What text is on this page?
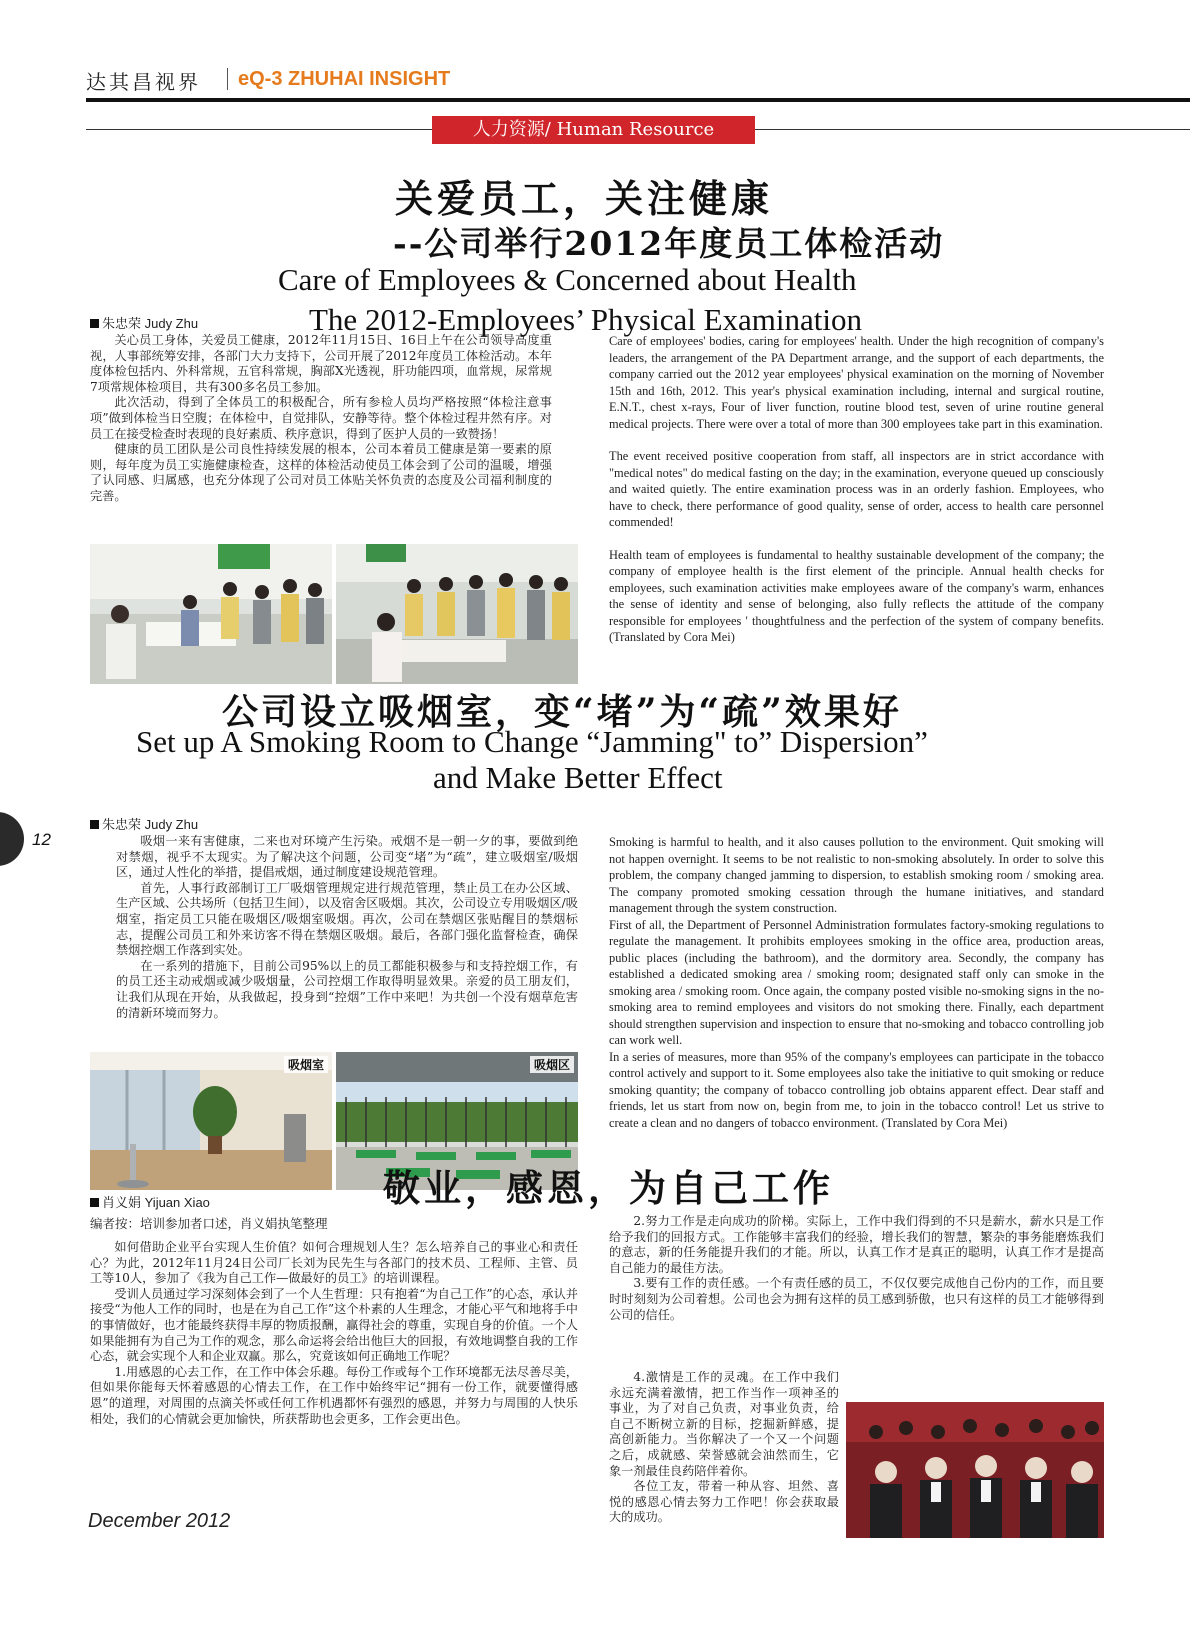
达其昌视界 eQ-3 ZHUHAI INSIGHT
人力资源/ Human Resource
关爱员工，关注健康
--公司举行2012年度员工体检活动
Care of Employees & Concerned about Health
The 2012-Employees’ Physical Examination
朱忠荣 Judy Zhu

关心员工身体，关爱员工健康，2012年11月15日、16日上午在公司领导高度重视，人事部统筹安排，各部门大力支持下，公司开展了2012年度员工体检活动。本年度体检包括内、外科常规，五官科常规，胸部X光透视，肝功能四项，血常规，尿常规7项常规体检项目，共有300多名员工参加。

此次活动，得到了全体员工的积极配合，所有参检人员均严格按照“体检注意事项”做到体检当日空腹；在体检中，自觉排队，安静等待。整个体检过程井然有序。对员工在接受检查时表现的良好素质、秩序意识，得到了医护人员的一致赞扬！

健康的员工团队是公司良性持续发展的根本，公司本着员工健康是第一要素的原则，每年度为员工实施健康检查，这样的体检活动使员工体会到了公司的温暖，增强了认同感、归属感，也充分体现了公司对员工体贴关怀负责的态度及公司福利制度的完善。

Care of employees' bodies, caring for employees' health. Under the high recognition of company's leaders, the arrangement of the PA Department arrange, and the support of each departments, the company carried out the 2012 year employees' physical examination on the morning of November 15th and 16th, 2012. This year's physical examination including, internal and surgical routine, E.N.T., chest x-rays, Four of liver function, routine blood test, seven of urine routine general medical projects. There were over a total of more than 300 employees take part in this examination.

The event received positive cooperation from staff, all inspectors are in strict accordance with "medical notes" do medical fasting on the day; in the examination, everyone queued up consciously and waited quietly. The entire examination process was in an orderly fashion. Employees, who have to check, there performance of good quality, sense of order, access to health care personnel commended!

Health team of employees is fundamental to healthy sustainable development of the company; the company of employee health is the first element of the principle. Annual health checks for employees, such examination activities make employees aware of the company's warm, enhances the sense of identity and sense of belonging, also fully reflects the attitude of the company responsible for employees ' thoughtfulness and the perfection of the system of company benefits.(Translated by Cora Mei)

公司设立吸烟室，变“堵”为“疏”效果好
Set up A Smoking Room to Change “Jamming" to” Dispersion”
and Make Better Effect
朱忠荣 Judy Zhu

吸烟一来有害健康，二来也对环境产生污染。戒烟不是一朝一夕的事，要做到绝对禁烟，视乎不太现实。为了解决这个问题，公司变“堵”为“疏”，建立吸烟室/吸烟区，通过人性化的举措，提倡戒烟，通过制度建设规范管理。

首先，人事行政部制订工厂吸烟管理规定进行规范管理，禁止员工在办公区域、生产区域、公共场所（包括卫生间），以及宿舍区吸烟。其次，公司设立专用吸烟区/吸烟室，指定员工只能在吸烟区/吸烟室吸烟。再次，公司在禁烟区张贴醒目的禁烟标志，提醒公司员工和外来访客不得在禁烟区吸烟。最后，各部门强化监督检查，确保禁烟控烟工作落到实处。

在一系列的措施下，目前公司95%以上的员工都能积极参与和支持控烟工作，有的员工还主动戒烟或减少吸烟量，公司控烟工作取得明显效果。亲爱的员工朋友们，让我们从现在开始，从我做起，投身到“控烟”工作中来吧！为共创一个没有烟草危害的清新环境而努力。

Smoking is harmful to health, and it also causes pollution to the environment. Quit smoking will not happen overnight. It seems to be not realistic to non-smoking absolutely. In order to solve this problem, the company changed jamming to dispersion, to establish smoking room / smoking area. The company promoted smoking cessation through the humane initiatives, and standard management through the system construction.

First of all, the Department of Personnel Administration formulates factory-smoking regulations to regulate the management. It prohibits employees smoking in the office area, production areas, public places (including the bathroom), and the dormitory area. Secondly, the company has established a dedicated smoking area / smoking room; designated staff only can smoke in the smoking area / smoking room. Once again, the company posted visible no-smoking signs in the no-smoking area to remind employees and visitors do not smoking there. Finally, each department should strengthen supervision and inspection to ensure that no-smoking and tobacco controlling job can work well.

In a series of measures, more than 95% of the company's employees can participate in the tobacco control actively and support to it. Some employees also take the initiative to quit smoking or reduce smoking quantity; the company of tobacco controlling job obtains apparent effect. Dear staff and friends, let us start from now on, begin from me, to join in the tobacco control! Let us strive to create a clean and no dangers of tobacco environment. (Translated by Cora Mei)

12
吸烟室	吸烟区
敬业，感恩，为自己工作
肖义娟 Yijuan Xiao
编者按：培训参加者口述，肖义娟执笔整理

如何借助企业平台实现人生价值？如何合理规划人生？怎么培养自己的事业心和责任心？为此，2012年11月24日公司厂长刘为民先生与各部门的技术员、工程师、主管、员工等10人，参加了《我为自己工作—做最好的员工》的培训课程。

受训人员通过学习深刻体会到了一个人生哲理：只有抱着“为自己工作”的心态，承认并接受“为他人工作的同时，也是在为自己工作”这个朴素的人生理念，才能心平气和地将手中的事情做好，也才能最终获得丰厚的物质报酬，赢得社会的尊重，实现自身的价值。一个人如果能拥有为自己为工作的观念，那么命运将会给出他巨大的回报，有效地调整自我的工作心态，就会实现个人和企业双赢。那么，究竟该如何正确地工作呢？

1.用感恩的心去工作，在工作中体会乐趣。每份工作或每个工作环境都无法尽善尽美，但如果你能每天怀着感恩的心情去工作，在工作中始终牢记“拥有一份工作，就要懂得感恩”的道理，对周围的点滴关怀或任何工作机遇都怀有强烈的感恩，并努力与周围的人快乐相处，我们的心情就会更加愉快，所获帮助也会更多，工作会更出色。

2.努力工作是走向成功的阶梯。实际上，工作中我们得到的不只是薪水，薪水只是工作给予我们的回报方式。工作能够丰富我们的经验，增长我们的智慧，繁杂的事务能磨炼我们的意志，新的任务能提升我们的才能。所以，认真工作才是真正的聪明，认真工作才是提高自己能力的最佳方法。

3.要有工作的责任感。一个有责任感的员工，不仅仅要完成他自己份内的工作，而且要时时刻刻为公司着想。公司也会为拥有这样的员工感到骄傲，也只有这样的员工才能够得到公司的信任。

4.激情是工作的灵魂。在工作中我们永远充满着激情，把工作当作一项神圣的事业，为了对自己负责，对事业负责，给自己不断树立新的目标，挖掘新鲜感，提高创新能力。当你解决了一个又一个问题之后，成就感、荣誉感就会油然而生，它象一剂最佳良药陪伴着你。

各位工友，带着一种从容、坦然、喜悦的感恩心情去努力工作吧！你会获取最大的成功。

December 2012
